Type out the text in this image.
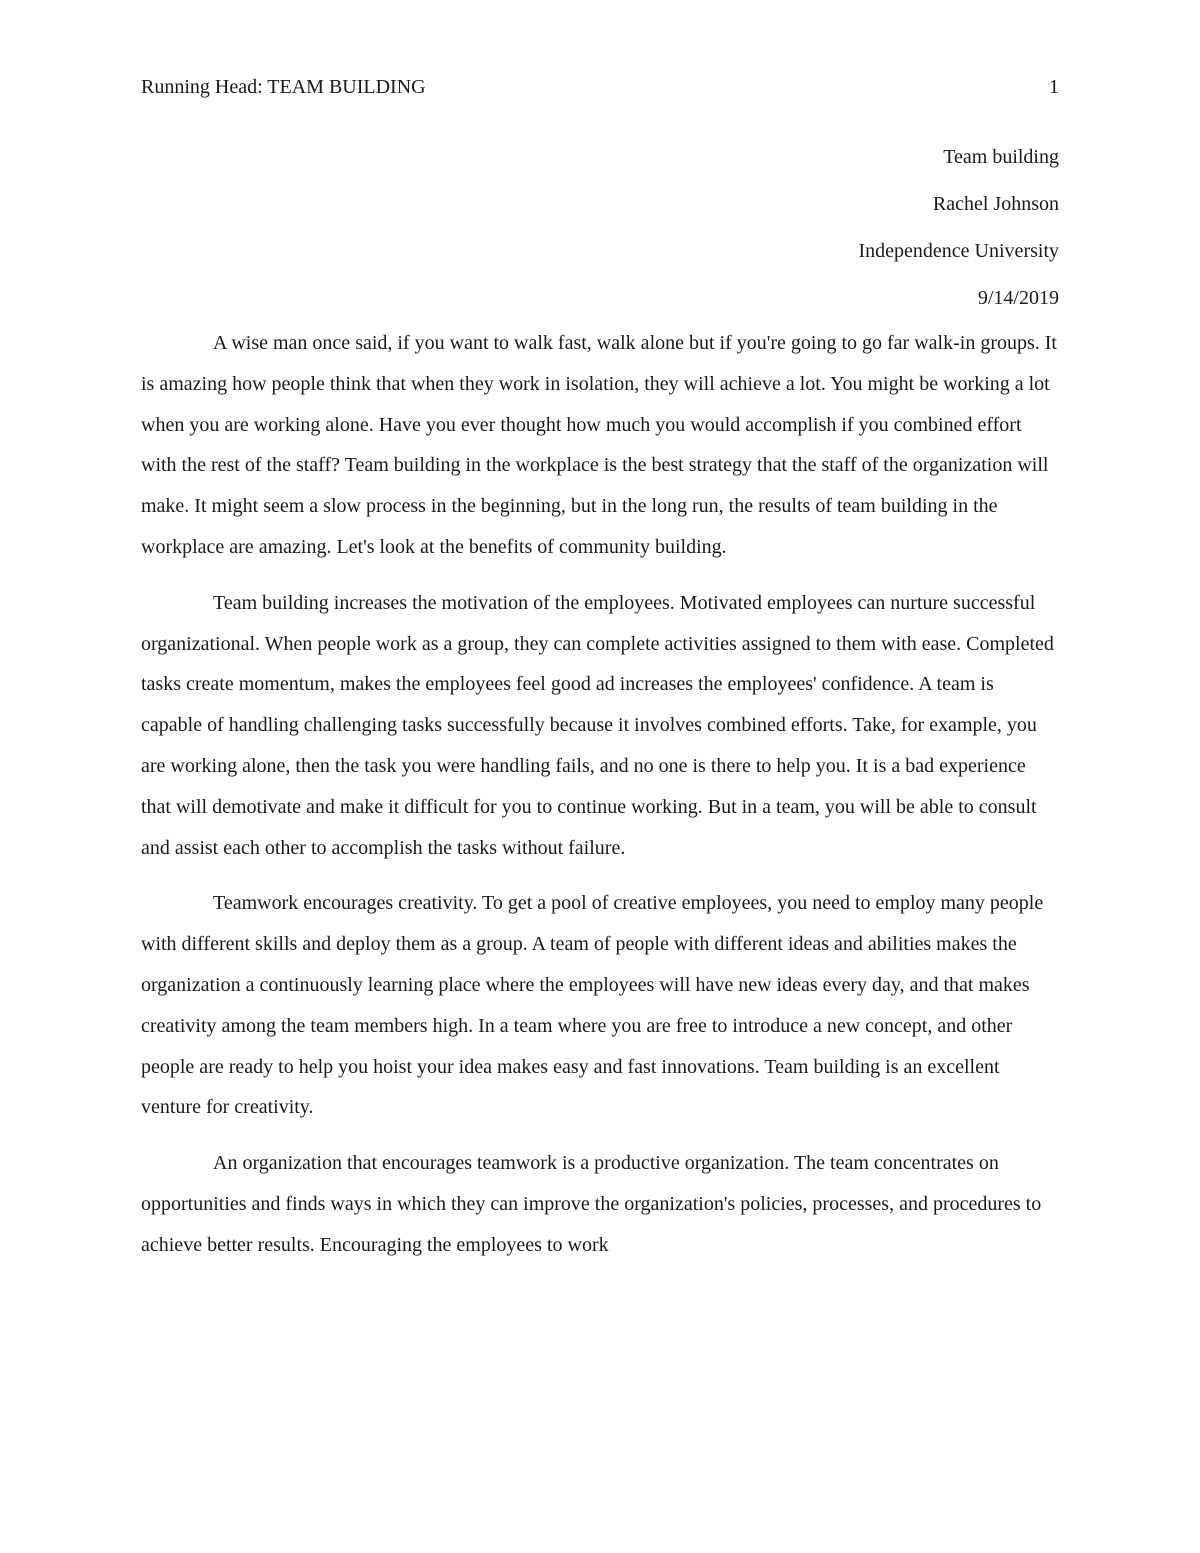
Running Head: TEAM BUILDING	1
Team building
Rachel Johnson
Independence University
9/14/2019

A wise man once said, if you want to walk fast, walk alone but if you're going to go far walk-in groups. It is amazing how people think that when they work in isolation, they will achieve a lot. You might be working a lot when you are working alone. Have you ever thought how much you would accomplish if you combined effort with the rest of the staff? Team building in the workplace is the best strategy that the staff of the organization will make. It might seem a slow process in the beginning, but in the long run, the results of team building in the workplace are amazing. Let's look at the benefits of community building.

Team building increases the motivation of the employees. Motivated employees can nurture successful organizational. When people work as a group, they can complete activities assigned to them with ease. Completed tasks create momentum, makes the employees feel good ad increases the employees' confidence. A team is capable of handling challenging tasks successfully because it involves combined efforts. Take, for example, you are working alone, then the task you were handling fails, and no one is there to help you. It is a bad experience that will demotivate and make it difficult for you to continue working. But in a team, you will be able to consult and assist each other to accomplish the tasks without failure.

Teamwork encourages creativity. To get a pool of creative employees, you need to employ many people with different skills and deploy them as a group. A team of people with different ideas and abilities makes the organization a continuously learning place where the employees will have new ideas every day, and that makes creativity among the team members high. In a team where you are free to introduce a new concept, and other people are ready to help you hoist your idea makes easy and fast innovations. Team building is an excellent venture for creativity.

An organization that encourages teamwork is a productive organization. The team concentrates on opportunities and finds ways in which they can improve the organization's policies, processes, and procedures to achieve better results. Encouraging the employees to work
